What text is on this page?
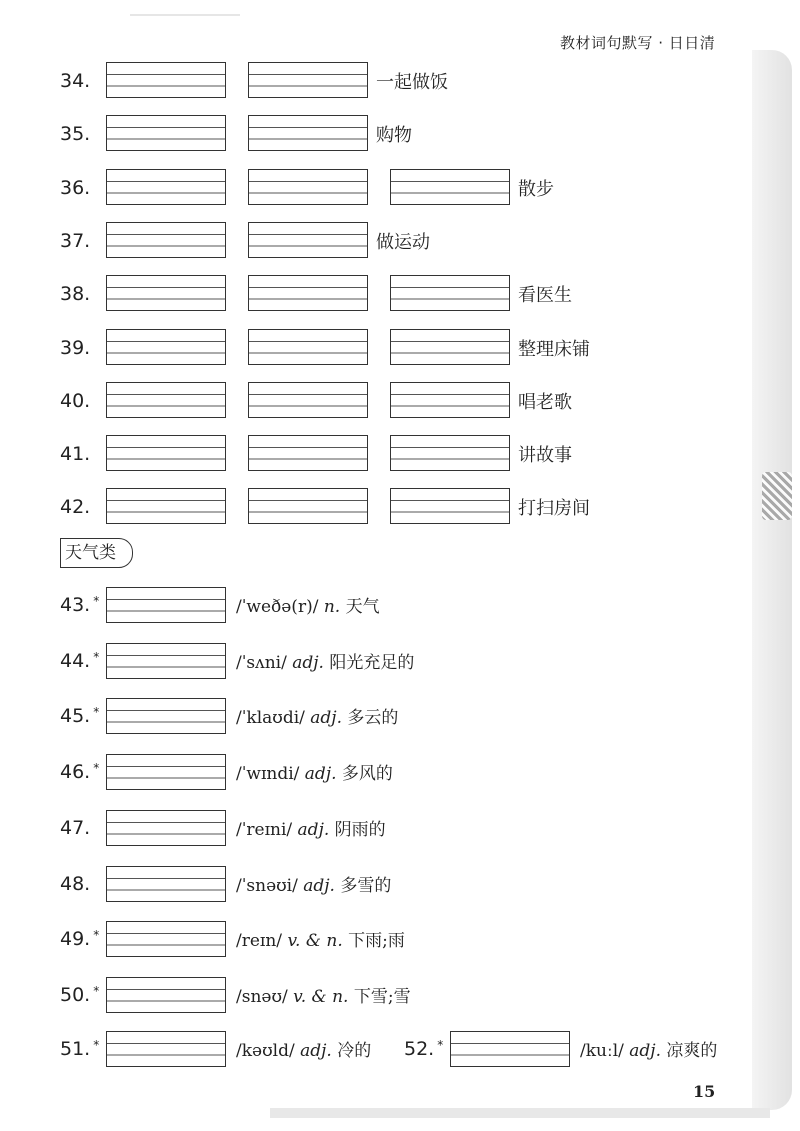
教材词句默写 · 日日清
34.	一起做饭
35.	购物
36.	散步
37.	做运动
38.	看医生
39.	整理床铺
40.	唱老歌
41.	讲故事
42.	打扫房间
天气类
43. *	/ˈweðə(r)/ n. 天气
44. *	/ˈsʌni/ adj. 阳光充足的
45. *	/ˈklaʊdi/ adj. 多云的
46. *	/ˈwɪndi/ adj. 多风的
47.	/ˈreɪni/ adj. 阴雨的
48.	/ˈsnəʊi/ adj. 多雪的
49. *	/reɪn/ v. & n. 下雨;雨
50. *	/snəʊ/ v. & n. 下雪;雪
51. *	/kəʊld/ adj. 冷的 52. *	/kuːl/ adj. 凉爽的
15
